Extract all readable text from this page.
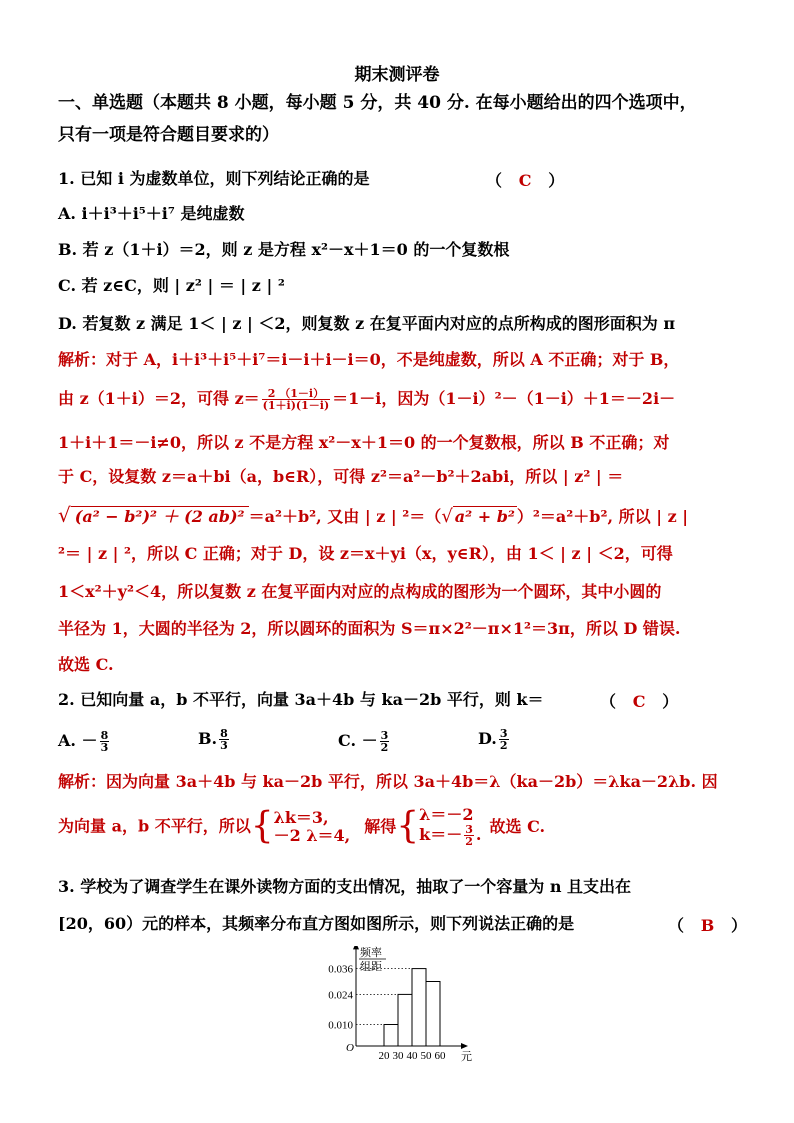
期末测评卷
一、单选题（本题共 8 小题，每小题 5 分，共 40 分. 在每小题给出的四个选项中，
只有一项是符合题目要求的）
1. 已知 i 为虚数单位，则下列结论正确的是	（ C ）
A. i＋i³＋i⁵＋i⁷ 是纯虚数
B. 若 z（1＋i）＝2，则 z 是方程 x²－x＋1＝0 的一个复数根
C. 若 z∈C，则 | z² | ＝ | z | ²
D. 若复数 z 满足 1＜ | z | ＜2，则复数 z 在复平面内对应的点所构成的图形面积为 π
解析：对于 A，i＋i³＋i⁵＋i⁷＝i－i＋i－i＝0，不是纯虚数，所以 A 不正确；对于 B，
由 z（1＋i）＝2，可得 $z= \frac{2 (1-i)}{(1+i)(1-i)} =1-i$，因为（1－i）²－（1－i）＋1＝－2i－
1＋i＋1＝－i≠0，所以 z 不是方程 x²－x＋1＝0 的一个复数根，所以 B 不正确；对
于 C，设复数 z＝a＋bi（a，b∈R），可得 z²＝a²－b²＋2abi，所以 | z² | ＝
√ (a² − b²)² ＋ (2 ab)² ＝a²＋b², 又由 | z | ²＝（√ a² + b² ）²＝a²＋b², 所以 | z |
²＝ | z | ²，所以 C 正确；对于 D，设 z＝x＋yi（x，y∈R），由 1＜ | z | ＜2，可得
1＜x²＋y²＜4，所以复数 z 在复平面内对应的点构成的图形为一个圆环，其中小圆的
半径为 1，大圆的半径为 2，所以圆环的面积为 S＝π×2²－π×1²＝3π，所以 D 错误.
故选 C.
2. 已知向量 a，b 不平行，向量 3a＋4b 与 ka－2b 平行，则 k＝	（ C ）
A. － $\frac{8}{3}$	B. $\frac{8}{3}$	C. － $\frac{3}{2}$	D. $\frac{3}{2}$
解析：因为向量 3a＋4b 与 ka－2b 平行，所以 3a＋4b＝λ（ka－2b）＝λka－2λb. 因
为向量 a，b 不平行，所以{ λk＝3,
－2 λ＝4, 解得{ λ＝－2
$k=- \frac{3}{2}$ . 故选 C.
3. 学校为了调查学生在课外读物方面的支出情况，抽取了一个容量为 n 且支出在
[20，60）元的样本，其频率分布直方图如图所示，则下列说法正确的是	（ B ）
0.036
0.024
0.010
20 30 40 50 60
O
元
频率
组距
